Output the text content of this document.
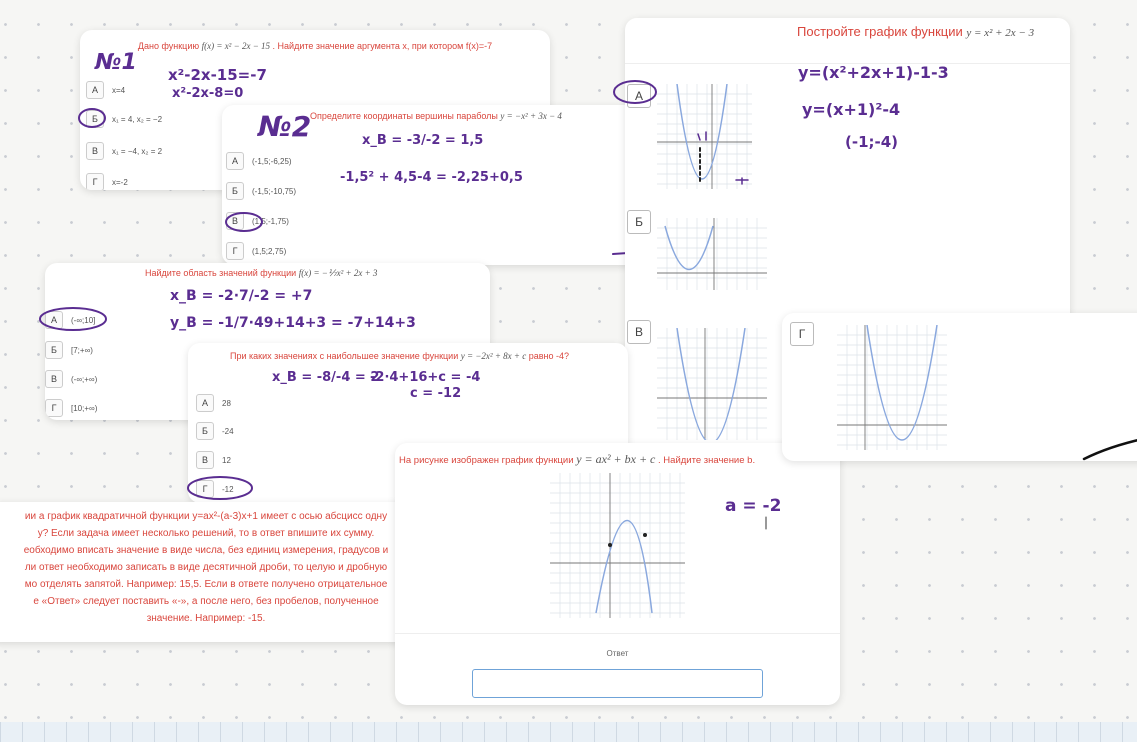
Дано функцию f(x) = x² − 2x − 15 . Найдите значение аргумента x, при котором f(x)=-7
А	x=4
Б	x₁ = 4, x₂ = −2
В	x₁ = −4, x₂ = 2
Г	x=-2
№1 x²-2x-15=-7
x²-2x-8=0
Определите координаты вершины параболы y = −x² + 3x − 4
А	(-1,5;-6,25)
Б	(-1,5;-10,75)
В	(1,5;-1,75)
Г	(1,5;2,75)
№2	x_B = -3/-2 = 1,5
-1,5² + 4,5-4 = -2,25+0,5
Постройте график функции y = x² + 2x − 3
А
Б
В
y=(x²+2x+1)-1-3
y=(x+1)²-4
(-1;-4)
Найдите область значений функции f(x) = −⅐x² + 2x + 3
А	(-∞;10]
Б	[7;+∞)
В	(-∞;+∞)
Г	[10;+∞)
x_B = -2·7/-2 = +7
y_B = -1/7·49+14+3 = -7+14+3
При каких значениях c наибольшее значение функции y = −2x² + 8x + c равно -4?
А	28
Б	-24
В	12
Г	-12
x_B = -8/-4 = 2
-2·4+16+c = -4
c = -12
ии а график квадратичной функции y=ax²-(a-3)x+1 имеет с осью абсцисс одну
у? Если задача имеет несколько решений, то в ответ впишите их сумму.
еобходимо вписать значение в виде числа, без единиц измерения, градусов и
ли ответ необходимо записать в виде десятичной дроби, то целую и дробную
мо отделять запятой. Например: 15,5. Если в ответе получено отрицательное
е «Ответ» следует поставить «-», а после него, без пробелов, полученное
значение. Например: -15.
На рисунке изображен график функции y = ax² + bx + c . Найдите значение b.
Ответ
a = -2
Г
